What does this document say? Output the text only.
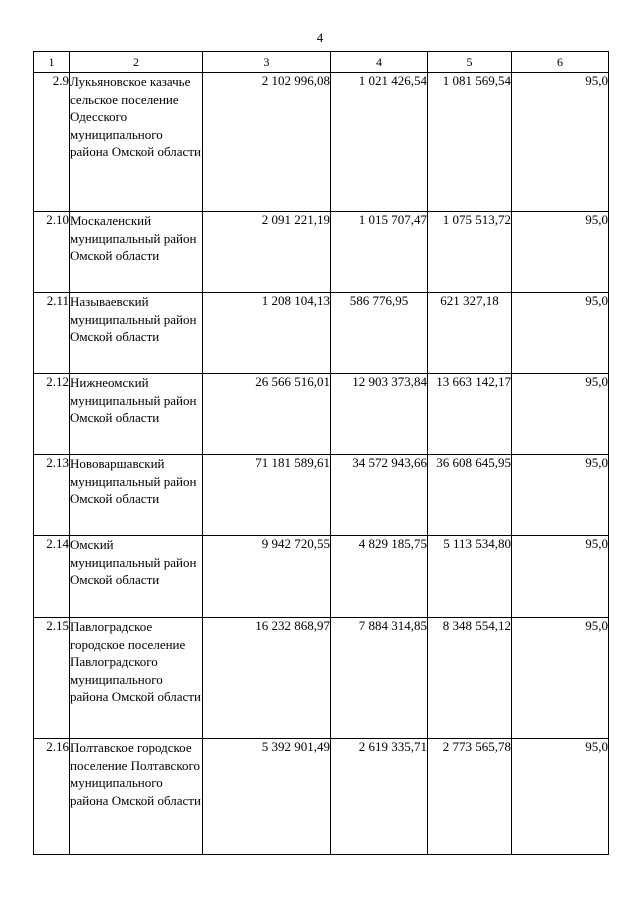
4
1	2	3	4	5	6
2.9	Лукьяновское казачье сельское поселение Одесского муниципального района Омской области	2 102 996,08	1 021 426,54	1 081 569,54	95,0
2.10	Москаленский муниципальный район Омской области	2 091 221,19	1 015 707,47	1 075 513,72	95,0
2.11	Называевский муниципальный район Омской области	1 208 104,13	586 776,95	621 327,18	95,0
2.12	Нижнеомский муниципальный район Омской области	26 566 516,01	12 903 373,84	13 663 142,17	95,0
2.13	Нововаршавский муниципальный район Омской области	71 181 589,61	34 572 943,66	36 608 645,95	95,0
2.14	Омский муниципальный район Омской области	9 942 720,55	4 829 185,75	5 113 534,80	95,0
2.15	Павлоградское городское поселение Павлоградского муниципального района Омской области	16 232 868,97	7 884 314,85	8 348 554,12	95,0
2.16	Полтавское городское поселение Полтавского муниципального района Омской области	5 392 901,49	2 619 335,71	2 773 565,78	95,0
